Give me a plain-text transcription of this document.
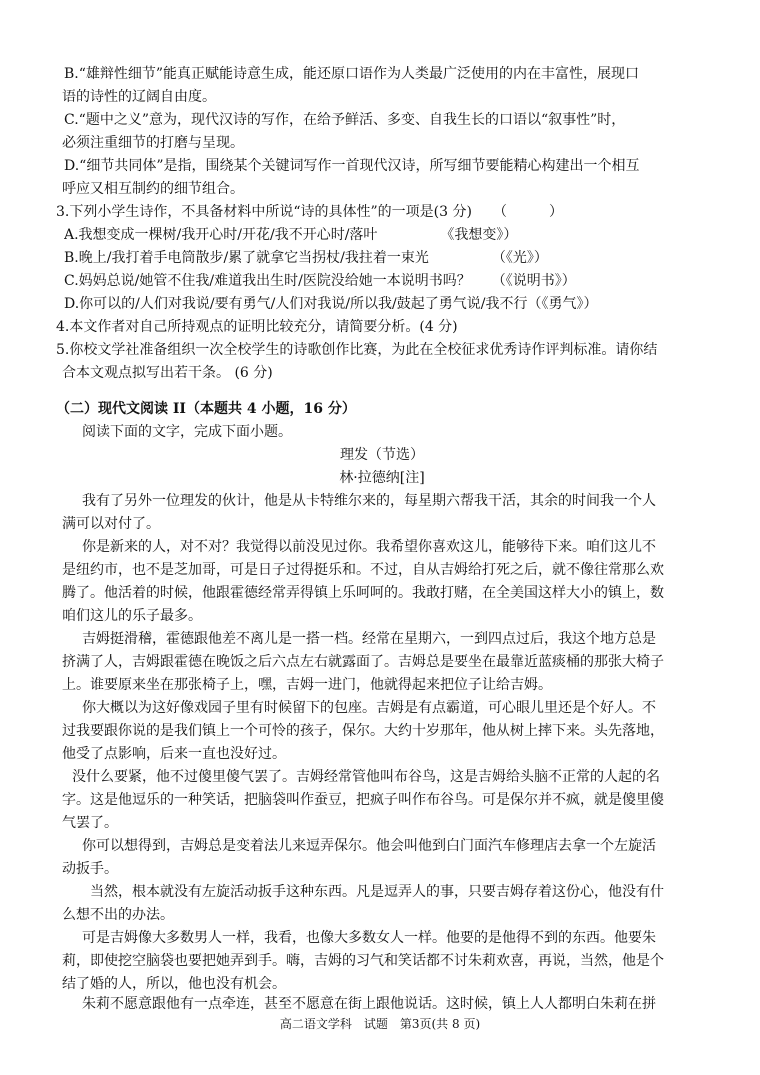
B.“雄辩性细节”能真正赋能诗意生成，能还原口语作为人类最广泛使用的内在丰富性，展现口
语的诗性的辽阔自由度。
C.“题中之义”意为，现代汉诗的写作，在给予鲜活、多变、自我生长的口语以“叙事性”时，
必须注重细节的打磨与呈现。
D.“细节共同体”是指，围绕某个关键词写作一首现代汉诗，所写细节要能精心构建出一个相互
呼应又相互制约的细节组合。
3.下列小学生诗作，不具备材料中所说“诗的具体性”的一项是(3 分)　　（　　　）
A.我想变成一棵树/我开心时/开花/我不开心时/落叶　　　　　《我想变》）
B.晚上/我打着手电筒散步/累了就拿它当拐杖/我拄着一束光　　　　　（《光》）
C.妈妈总说/她管不住我/难道我出生时/医院没给她一本说明书吗？　　（《说明书》）
D.你可以的/人们对我说/要有勇气/人们对我说/所以我/鼓起了勇气说/我不行（《勇气》）
4.本文作者对自己所持观点的证明比较充分，请简要分析。(4 分)
5.你校文学社准备组织一次全校学生的诗歌创作比赛，为此在全校征求优秀诗作评判标准。请你结
合本文观点拟写出若干条。 (6 分)
（二）现代文阅读 II（本题共 4 小题，16 分）
阅读下面的文字，完成下面小题。
理发（节选）
林·拉德纳[注]
我有了另外一位理发的伙计，他是从卡特维尔来的，每星期六帮我干活，其余的时间我一个人
满可以对付了。
你是新来的人，对不对？我觉得以前没见过你。我希望你喜欢这儿，能够待下来。咱们这儿不
是纽约市，也不是芝加哥，可是日子过得挺乐和。不过，自从吉姆给打死之后，就不像往常那么欢
腾了。他活着的时候，他跟霍德经常弄得镇上乐呵呵的。我敢打赌，在全美国这样大小的镇上，数
咱们这儿的乐子最多。
吉姆挺滑稽，霍德跟他差不离儿是一搭一档。经常在星期六，一到四点过后，我这个地方总是
挤满了人，吉姆跟霍德在晚饭之后六点左右就露面了。吉姆总是要坐在最靠近蓝痰桶的那张大椅子
上。谁要原来坐在那张椅子上，嘿，吉姆一进门，他就得起来把位子让给吉姆。
你大概以为这好像戏园子里有时候留下的包座。吉姆是有点霸道，可心眼儿里还是个好人。不
过我要跟你说的是我们镇上一个可怜的孩子，保尔。大约十岁那年，他从树上摔下来。头先落地，
他受了点影响，后来一直也没好过。
没什么要紧，他不过傻里傻气罢了。吉姆经常管他叫布谷鸟，这是吉姆给头脑不正常的人起的名
字。这是他逗乐的一种笑话，把脑袋叫作蚕豆，把疯子叫作布谷鸟。可是保尔并不疯，就是傻里傻
气罢了。
你可以想得到，吉姆总是变着法儿来逗弄保尔。他会叫他到白门面汽车修理店去拿一个左旋活
动扳手。
当然，根本就没有左旋活动扳手这种东西。凡是逗弄人的事，只要吉姆存着这份心，他没有什
么想不出的办法。
可是吉姆像大多数男人一样，我看，也像大多数女人一样。他要的是他得不到的东西。他要朱
莉，即使挖空脑袋也要把她弄到手。嗨，吉姆的习气和笑话都不讨朱莉欢喜，再说，当然，他是个
结了婚的人，所以，他也没有机会。
朱莉不愿意跟他有一点牵连，甚至不愿意在街上跟他说话。这时候，镇上人人都明白朱莉在拼
高二语文学科　试题　第3页(共 8 页)
